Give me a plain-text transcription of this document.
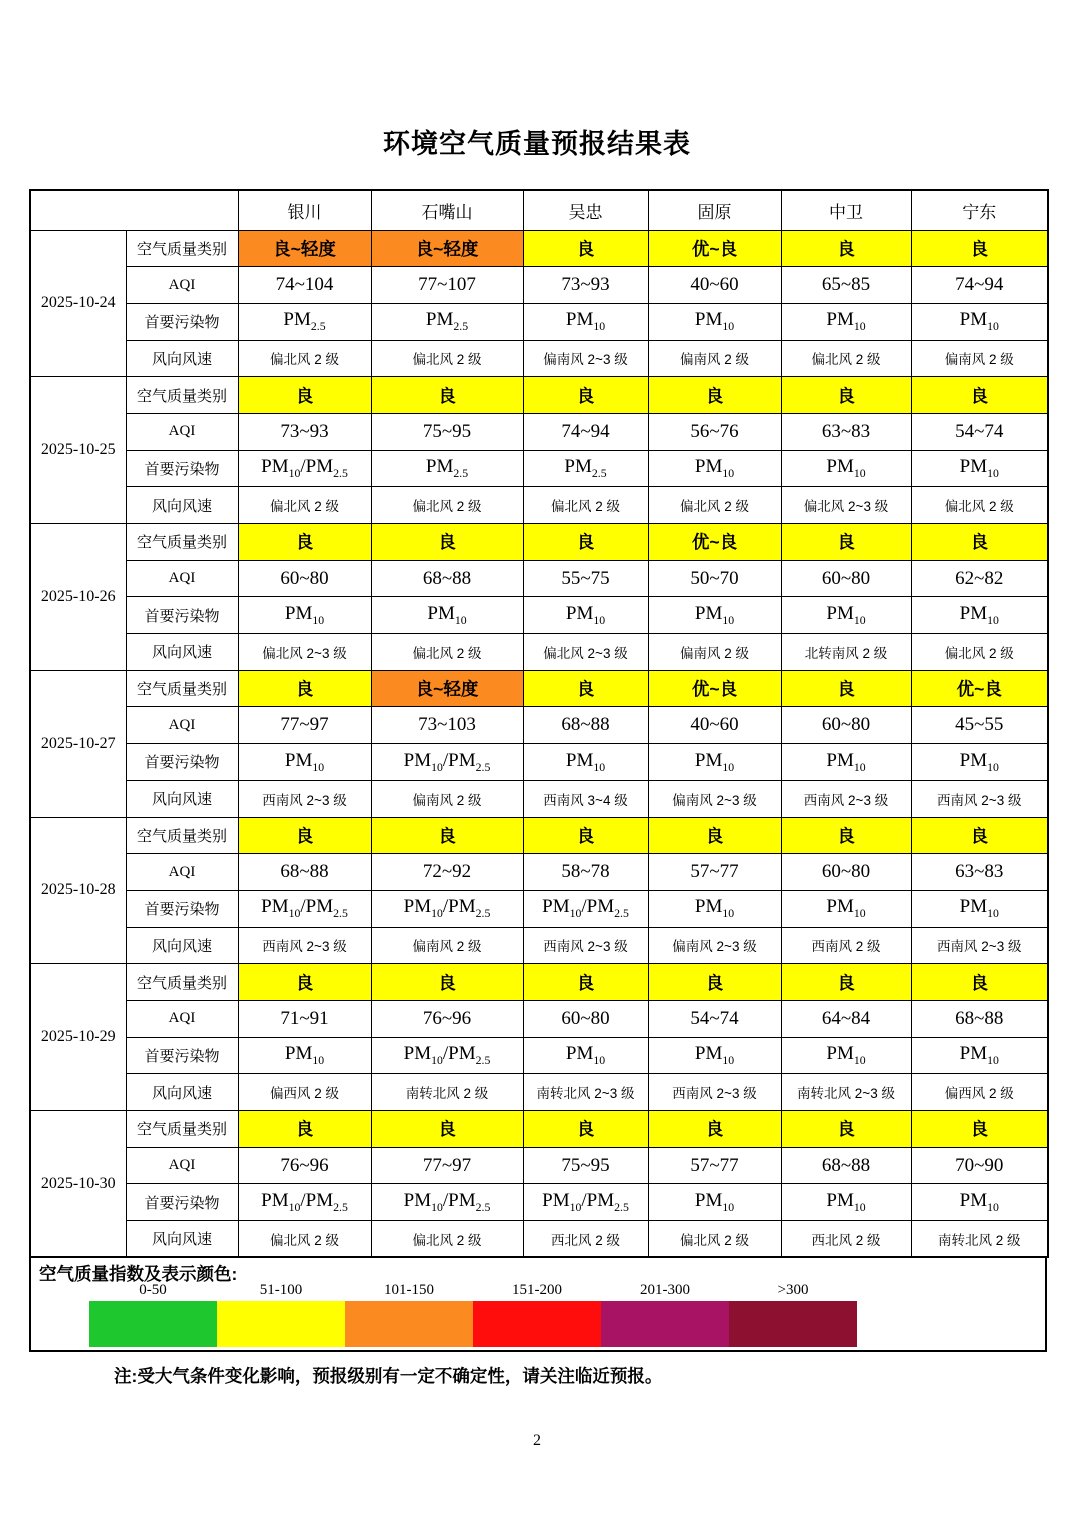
环境空气质量预报结果表
		银川	石嘴山	吴忠	固原	中卫	宁东
2025-10-24	空气质量类别	良~轻度	良~轻度	良	优~良	良	良
	AQI	74~104	77~107	73~93	40~60	65~85	74~94
	首要污染物	$PM_{2.5}$	$PM_{2.5}$	$PM_{10}$	$PM_{10}$	$PM_{10}$	$PM_{10}$
	风向风速	偏北风 2 级	偏北风 2 级	偏南风 2~3 级	偏南风 2 级	偏北风 2 级	偏南风 2 级
2025-10-25	空气质量类别	良	良	良	良	良	良
	AQI	73~93	75~95	74~94	56~76	63~83	54~74
	首要污染物	$PM_{10}/PM_{2.5}$	$PM_{2.5}$	$PM_{2.5}$	$PM_{10}$	$PM_{10}$	$PM_{10}$
	风向风速	偏北风 2 级	偏北风 2 级	偏北风 2 级	偏北风 2 级	偏北风 2~3 级	偏北风 2 级
2025-10-26	空气质量类别	良	良	良	优~良	良	良
	AQI	60~80	68~88	55~75	50~70	60~80	62~82
	首要污染物	$PM_{10}$	$PM_{10}$	$PM_{10}$	$PM_{10}$	$PM_{10}$	$PM_{10}$
	风向风速	偏北风 2~3 级	偏北风 2 级	偏北风 2~3 级	偏南风 2 级	北转南风 2 级	偏北风 2 级
2025-10-27	空气质量类别	良	良~轻度	良	优~良	良	优~良
	AQI	77~97	73~103	68~88	40~60	60~80	45~55
	首要污染物	$PM_{10}$	$PM_{10}/PM_{2.5}$	$PM_{10}$	$PM_{10}$	$PM_{10}$	$PM_{10}$
	风向风速	西南风 2~3 级	偏南风 2 级	西南风 3~4 级	偏南风 2~3 级	西南风 2~3 级	西南风 2~3 级
2025-10-28	空气质量类别	良	良	良	良	良	良
	AQI	68~88	72~92	58~78	57~77	60~80	63~83
	首要污染物	$PM_{10}/PM_{2.5}$	$PM_{10}/PM_{2.5}$	$PM_{10}/PM_{2.5}$	$PM_{10}$	$PM_{10}$	$PM_{10}$
	风向风速	西南风 2~3 级	偏南风 2 级	西南风 2~3 级	偏南风 2~3 级	西南风 2 级	西南风 2~3 级
2025-10-29	空气质量类别	良	良	良	良	良	良
	AQI	71~91	76~96	60~80	54~74	64~84	68~88
	首要污染物	$PM_{10}$	$PM_{10}/PM_{2.5}$	$PM_{10}$	$PM_{10}$	$PM_{10}$	$PM_{10}$
	风向风速	偏西风 2 级	南转北风 2 级	南转北风 2~3 级	西南风 2~3 级	南转北风 2~3 级	偏西风 2 级
2025-10-30	空气质量类别	良	良	良	良	良	良
	AQI	76~96	77~97	75~95	57~77	68~88	70~90
	首要污染物	$PM_{10}/PM_{2.5}$	$PM_{10}/PM_{2.5}$	$PM_{10}/PM_{2.5}$	$PM_{10}$	$PM_{10}$	$PM_{10}$
	风向风速	偏北风 2 级	偏北风 2 级	西北风 2 级	偏北风 2 级	西北风 2 级	南转北风 2 级
空气质量指数及表示颜色:
0-50	51-100	101-150	151-200	201-300	>300
注:受大气条件变化影响，预报级别有一定不确定性，请关注临近预报。
2
